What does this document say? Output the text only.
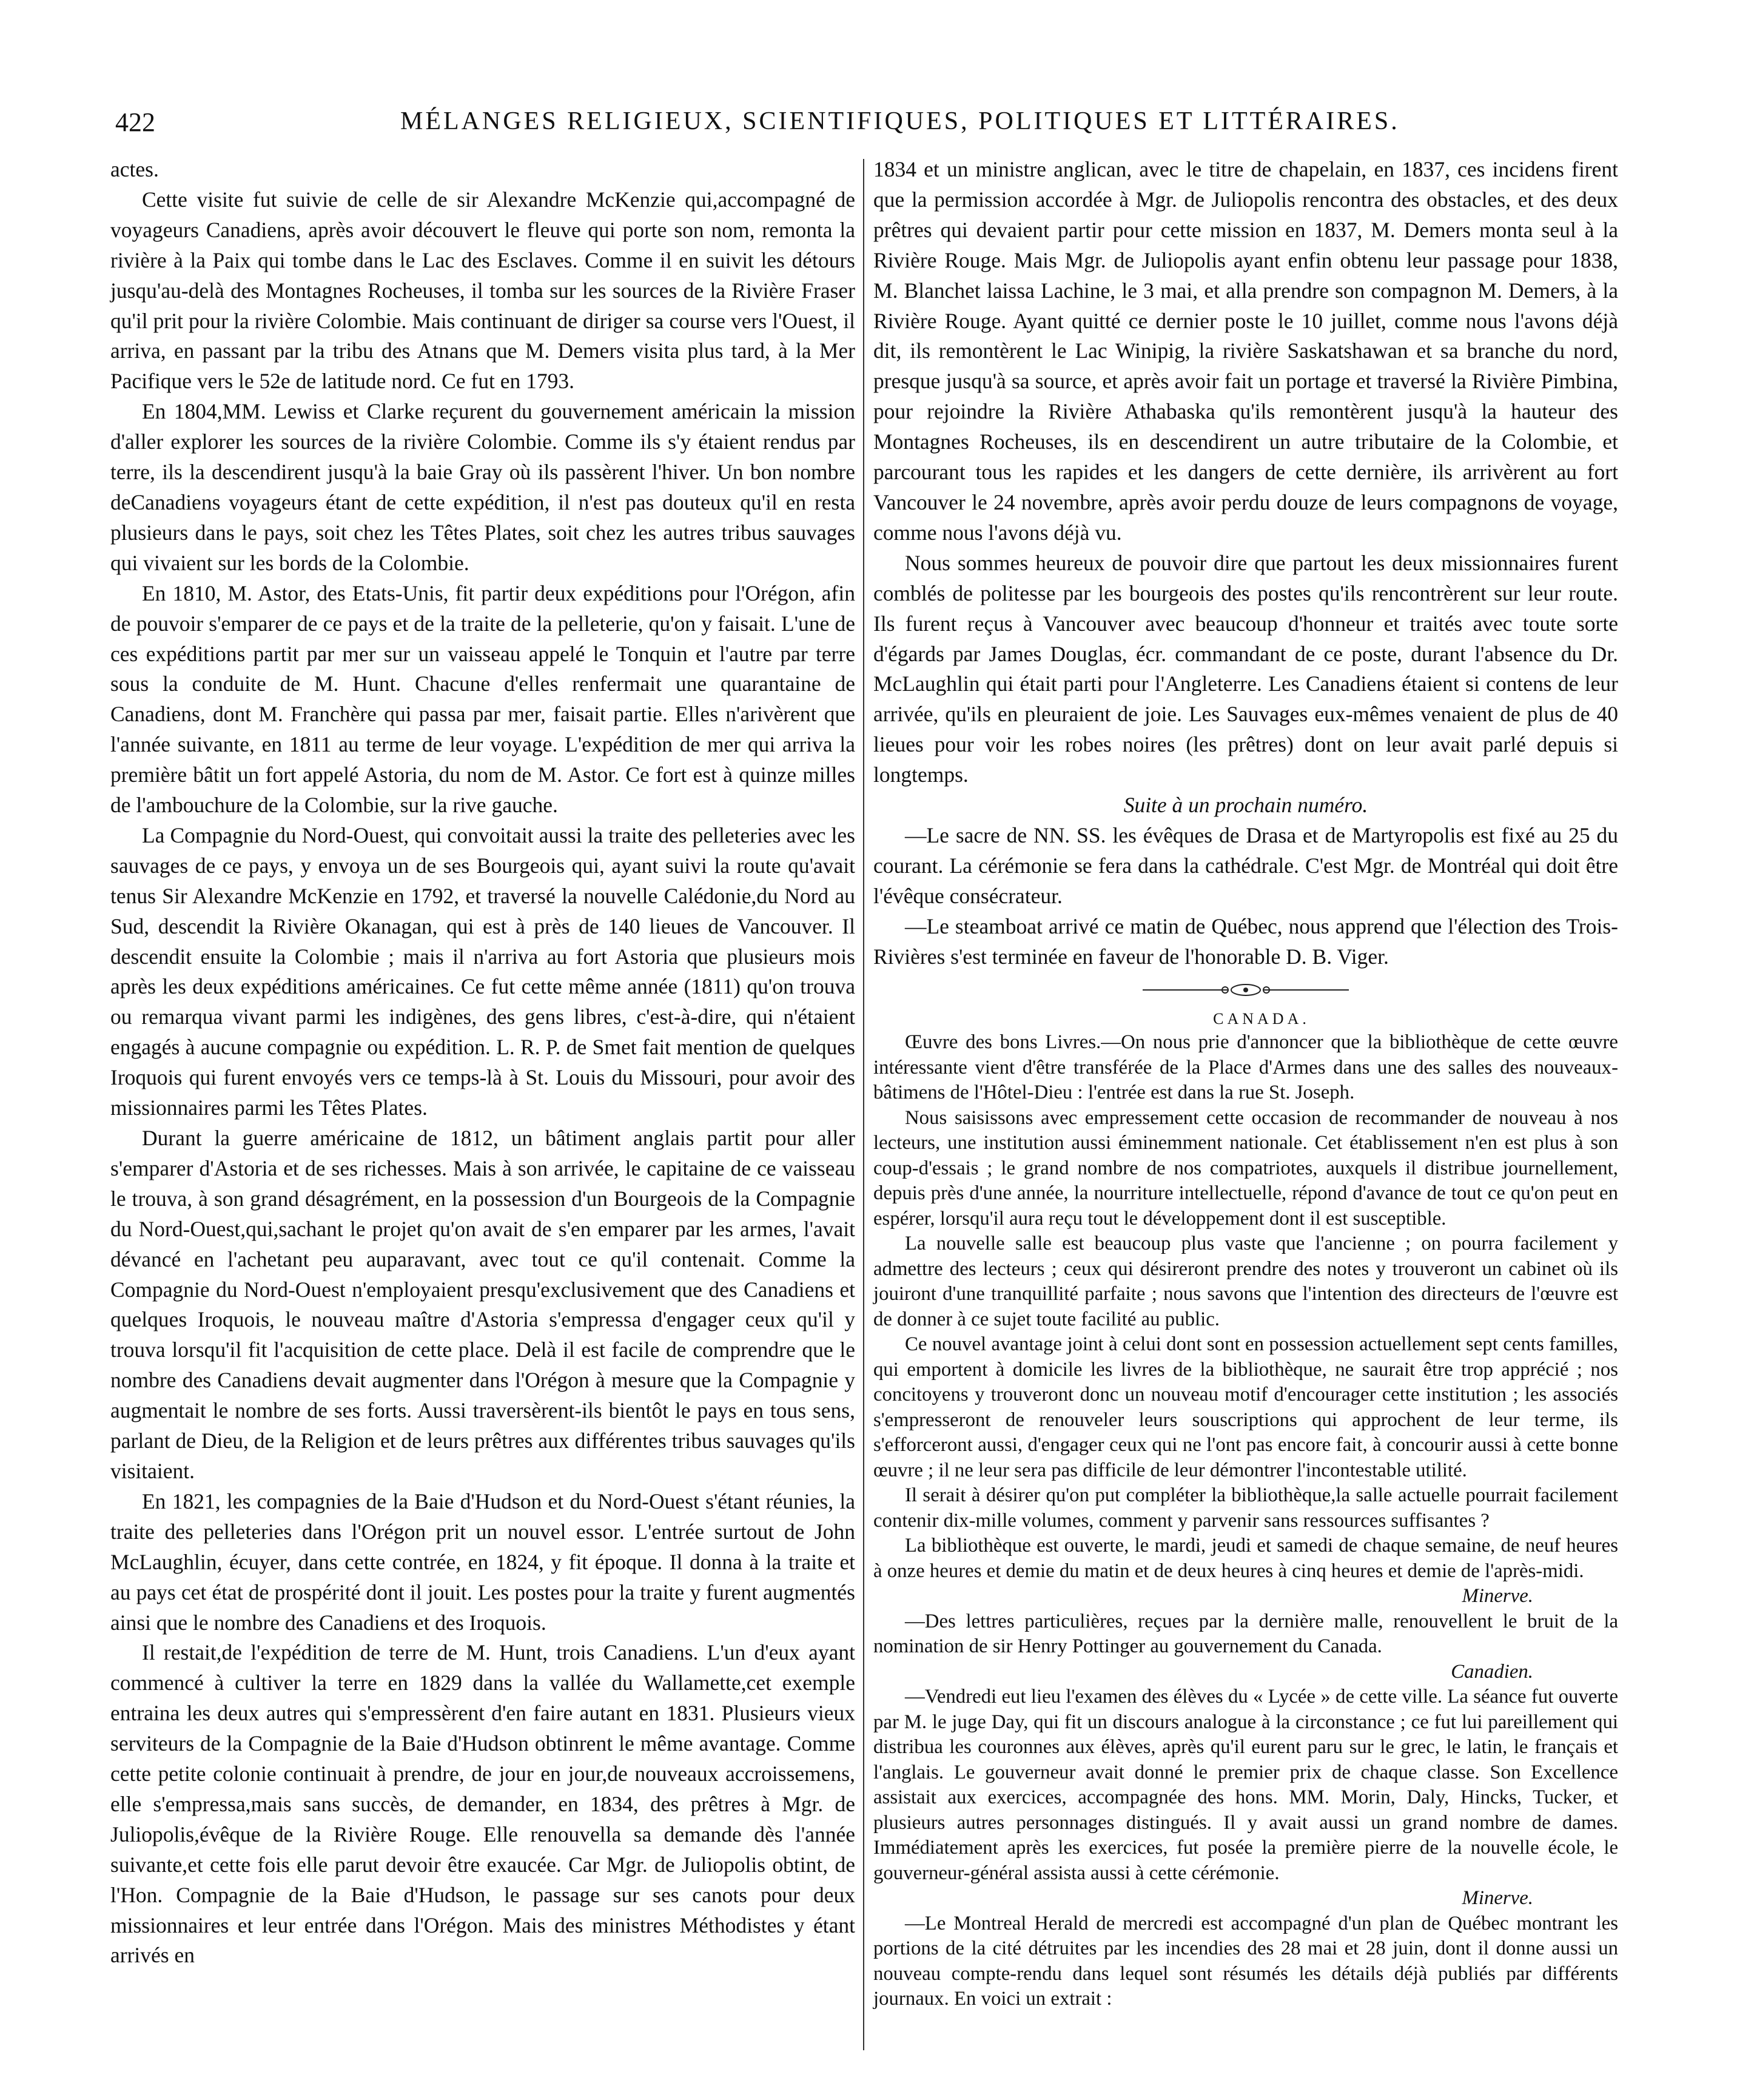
422	MÉLANGES RELIGIEUX, SCIENTIFIQUES, POLITIQUES ET LITTÉRAIRES.

actes.

Cette visite fut suivie de celle de sir Alexandre McKenzie qui,accompagné de voyageurs Canadiens, après avoir découvert le fleuve qui porte son nom, remonta la rivière à la Paix qui tombe dans le Lac des Esclaves. Comme il en suivit les détours jusqu'au-delà des Montagnes Rocheuses, il tomba sur les sources de la Rivière Fraser qu'il prit pour la rivière Colombie. Mais continuant de diriger sa course vers l'Ouest, il arriva, en passant par la tribu des Atnans que M. Demers visita plus tard, à la Mer Pacifique vers le 52e de latitude nord. Ce fut en 1793.

En 1804,MM. Lewiss et Clarke reçurent du gouvernement américain la mission d'aller explorer les sources de la rivière Colombie. Comme ils s'y étaient rendus par terre, ils la descendirent jusqu'à la baie Gray où ils passèrent l'hiver. Un bon nombre deCanadiens voyageurs étant de cette expédition, il n'est pas douteux qu'il en resta plusieurs dans le pays, soit chez les Têtes Plates, soit chez les autres tribus sauvages qui vivaient sur les bords de la Colombie.

En 1810, M. Astor, des Etats-Unis, fit partir deux expéditions pour l'Orégon, afin de pouvoir s'emparer de ce pays et de la traite de la pelleterie, qu'on y faisait. L'une de ces expéditions partit par mer sur un vaisseau appelé le Tonquin et l'autre par terre sous la conduite de M. Hunt. Chacune d'elles renfermait une quarantaine de Canadiens, dont M. Franchère qui passa par mer, faisait partie. Elles n'arivèrent que l'année suivante, en 1811 au terme de leur voyage. L'expédition de mer qui arriva la première bâtit un fort appelé Astoria, du nom de M. Astor. Ce fort est à quinze milles de l'ambouchure de la Colombie, sur la rive gauche.

La Compagnie du Nord-Ouest, qui convoitait aussi la traite des pelleteries avec les sauvages de ce pays, y envoya un de ses Bourgeois qui, ayant suivi la route qu'avait tenus Sir Alexandre McKenzie en 1792, et traversé la nouvelle Calédonie,du Nord au Sud, descendit la Rivière Okanagan, qui est à près de 140 lieues de Vancouver. Il descendit ensuite la Colombie ; mais il n'arriva au fort Astoria que plusieurs mois après les deux expéditions américaines. Ce fut cette même année (1811) qu'on trouva ou remarqua vivant parmi les indigènes, des gens libres, c'est-à-dire, qui n'étaient engagés à aucune compagnie ou expédition. L. R. P. de Smet fait mention de quelques Iroquois qui furent envoyés vers ce temps-là à St. Louis du Missouri, pour avoir des missionnaires parmi les Têtes Plates.

Durant la guerre américaine de 1812, un bâtiment anglais partit pour aller s'emparer d'Astoria et de ses richesses. Mais à son arrivée, le capitaine de ce vaisseau le trouva, à son grand désagrément, en la possession d'un Bourgeois de la Compagnie du Nord-Ouest,qui,sachant le projet qu'on avait de s'en emparer par les armes, l'avait dévancé en l'achetant peu auparavant, avec tout ce qu'il contenait. Comme la Compagnie du Nord-Ouest n'employaient presqu'exclusivement que des Canadiens et quelques Iroquois, le nouveau maître d'Astoria s'empressa d'engager ceux qu'il y trouva lorsqu'il fit l'acquisition de cette place. Delà il est facile de comprendre que le nombre des Canadiens devait augmenter dans l'Orégon à mesure que la Compagnie y augmentait le nombre de ses forts. Aussi traversèrent-ils bientôt le pays en tous sens, parlant de Dieu, de la Religion et de leurs prêtres aux différentes tribus sauvages qu'ils visitaient.

En 1821, les compagnies de la Baie d'Hudson et du Nord-Ouest s'étant réunies, la traite des pelleteries dans l'Orégon prit un nouvel essor. L'entrée surtout de John McLaughlin, écuyer, dans cette contrée, en 1824, y fit époque. Il donna à la traite et au pays cet état de prospérité dont il jouit. Les postes pour la traite y furent augmentés ainsi que le nombre des Canadiens et des Iroquois.

Il restait,de l'expédition de terre de M. Hunt, trois Canadiens. L'un d'eux ayant commencé à cultiver la terre en 1829 dans la vallée du Wallamette,cet exemple entraina les deux autres qui s'empressèrent d'en faire autant en 1831. Plusieurs vieux serviteurs de la Compagnie de la Baie d'Hudson obtinrent le même avantage. Comme cette petite colonie continuait à prendre, de jour en jour,de nouveaux accroissemens, elle s'empressa,mais sans succès, de demander, en 1834, des prêtres à Mgr. de Juliopolis,évêque de la Rivière Rouge. Elle renouvella sa demande dès l'année suivante,et cette fois elle parut devoir être exaucée. Car Mgr. de Juliopolis obtint, de l'Hon. Compagnie de la Baie d'Hudson, le passage sur ses canots pour deux missionnaires et leur entrée dans l'Orégon. Mais des ministres Méthodistes y étant arrivés en

1834 et un ministre anglican, avec le titre de chapelain, en 1837, ces incidens firent que la permission accordée à Mgr. de Juliopolis rencontra des obstacles, et des deux prêtres qui devaient partir pour cette mission en 1837, M. Demers monta seul à la Rivière Rouge. Mais Mgr. de Juliopolis ayant enfin obtenu leur passage pour 1838, M. Blanchet laissa Lachine, le 3 mai, et alla prendre son compagnon M. Demers, à la Rivière Rouge. Ayant quitté ce dernier poste le 10 juillet, comme nous l'avons déjà dit, ils remontèrent le Lac Winipig, la rivière Saskatshawan et sa branche du nord, presque jusqu'à sa source, et après avoir fait un portage et traversé la Rivière Pimbina, pour rejoindre la Rivière Athabaska qu'ils remontèrent jusqu'à la hauteur des Montagnes Rocheuses, ils en descendirent un autre tributaire de la Colombie, et parcourant tous les rapides et les dangers de cette dernière, ils arrivèrent au fort Vancouver le 24 novembre, après avoir perdu douze de leurs compagnons de voyage, comme nous l'avons déjà vu.

Nous sommes heureux de pouvoir dire que partout les deux missionnaires furent comblés de politesse par les bourgeois des postes qu'ils rencontrèrent sur leur route. Ils furent reçus à Vancouver avec beaucoup d'honneur et traités avec toute sorte d'égards par James Douglas, écr. commandant de ce poste, durant l'absence du Dr. McLaughlin qui était parti pour l'Angleterre. Les Canadiens étaient si contens de leur arrivée, qu'ils en pleuraient de joie. Les Sauvages eux-mêmes venaient de plus de 40 lieues pour voir les robes noires (les prêtres) dont on leur avait parlé depuis si longtemps.

Suite à un prochain numéro.

—Le sacre de NN. SS. les évêques de Drasa et de Martyropolis est fixé au 25 du courant. La cérémonie se fera dans la cathédrale. C'est Mgr. de Montréal qui doit être l'évêque consécrateur.

—Le steamboat arrivé ce matin de Québec, nous apprend que l'élection des Trois-Rivières s'est terminée en faveur de l'honorable D. B. Viger.

CANADA.

Œuvre des bons Livres.—On nous prie d'annoncer que la bibliothèque de cette œuvre intéressante vient d'être transférée de la Place d'Armes dans une des salles des nouveaux-bâtimens de l'Hôtel-Dieu : l'entrée est dans la rue St. Joseph.

Nous saisissons avec empressement cette occasion de recommander de nouveau à nos lecteurs, une institution aussi éminemment nationale. Cet établissement n'en est plus à son coup-d'essais ; le grand nombre de nos compatriotes, auxquels il distribue journellement, depuis près d'une année, la nourriture intellectuelle, répond d'avance de tout ce qu'on peut en espérer, lorsqu'il aura reçu tout le développement dont il est susceptible.

La nouvelle salle est beaucoup plus vaste que l'ancienne ; on pourra facilement y admettre des lecteurs ; ceux qui désireront prendre des notes y trouveront un cabinet où ils jouiront d'une tranquillité parfaite ; nous savons que l'intention des directeurs de l'œuvre est de donner à ce sujet toute facilité au public.

Ce nouvel avantage joint à celui dont sont en possession actuellement sept cents familles, qui emportent à domicile les livres de la bibliothèque, ne saurait être trop apprécié ; nos concitoyens y trouveront donc un nouveau motif d'encourager cette institution ; les associés s'empresseront de renouveler leurs souscriptions qui approchent de leur terme, ils s'efforceront aussi, d'engager ceux qui ne l'ont pas encore fait, à concourir aussi à cette bonne œuvre ; il ne leur sera pas difficile de leur démontrer l'incontestable utilité.

Il serait à désirer qu'on put compléter la bibliothèque,la salle actuelle pourrait facilement contenir dix-mille volumes, comment y parvenir sans ressources suffisantes ?

La bibliothèque est ouverte, le mardi, jeudi et samedi de chaque semaine, de neuf heures à onze heures et demie du matin et de deux heures à cinq heures et demie de l'après-midi.

Minerve.

—Des lettres particulières, reçues par la dernière malle, renouvellent le bruit de la nomination de sir Henry Pottinger au gouvernement du Canada.

Canadien.

—Vendredi eut lieu l'examen des élèves du « Lycée » de cette ville. La séance fut ouverte par M. le juge Day, qui fit un discours analogue à la circonstance ; ce fut lui pareillement qui distribua les couronnes aux élèves, après qu'il eurent paru sur le grec, le latin, le français et l'anglais. Le gouverneur avait donné le premier prix de chaque classe. Son Excellence assistait aux exercices, accompagnée des hons. MM. Morin, Daly, Hincks, Tucker, et plusieurs autres personnages distingués. Il y avait aussi un grand nombre de dames. Immédiatement après les exercices, fut posée la première pierre de la nouvelle école, le gouverneur-général assista aussi à cette cérémonie.

Minerve.

—Le Montreal Herald de mercredi est accompagné d'un plan de Québec montrant les portions de la cité détruites par les incendies des 28 mai et 28 juin, dont il donne aussi un nouveau compte-rendu dans lequel sont résumés les détails déjà publiés par différents journaux. En voici un extrait :
